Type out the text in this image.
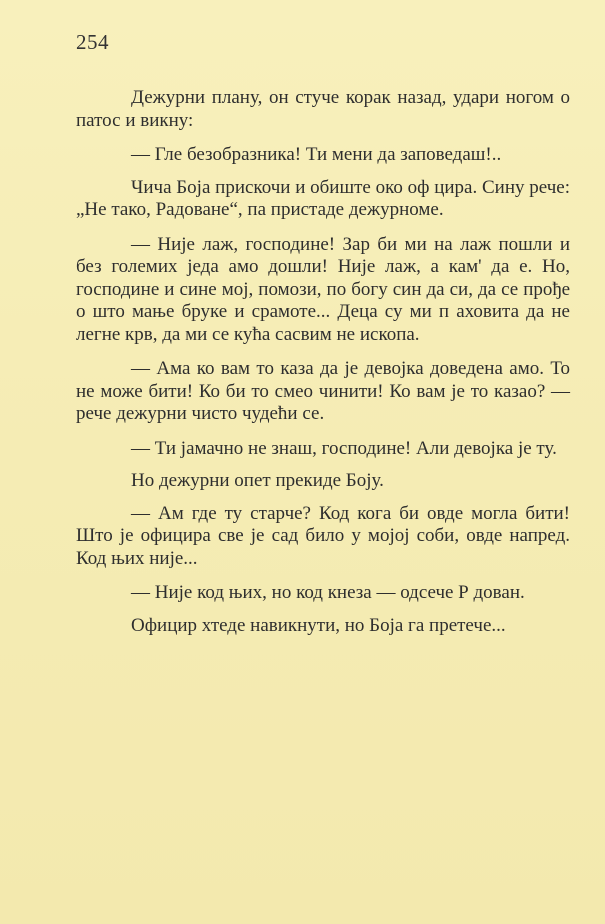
254

Дежурни плану, он стуче корак назад, удари ногом о патос и викну:

— Гле безобразника! Ти мени да заповедаш!..

Чича Боја прискочи и обиште око оф цира. Сину рече: „Не тако, Радоване“, па пристаде дежурноме.

— Није лаж, господине! Зар би ми на лаж пошли и без големих једа амо дошли! Није лаж, а кам' да е. Но, господине и сине мој, помози, по богу син да си, да се прође о што мање бруке и срамоте... Деца су ми п аховита да не легне крв, да ми се кућа сасвим не ископа.

— Ама ко вам то каза да је девојка доведена амо. То не може бити! Ко би то смео чинити! Ко вам је то казао? — рече дежурни чисто чудећи се.

— Ти јамачно не знаш, господине! Али девојка је ту.

Но дежурни опет прекиде Боју.

— Ам где ту старче? Код кога би овде могла бити! Што је официра све је сад било у мојој соби, овде напред. Код њих није...

— Није код њих, но код кнеза — одсече Р дован.

Официр хтеде навикнути, но Боја га претече...
